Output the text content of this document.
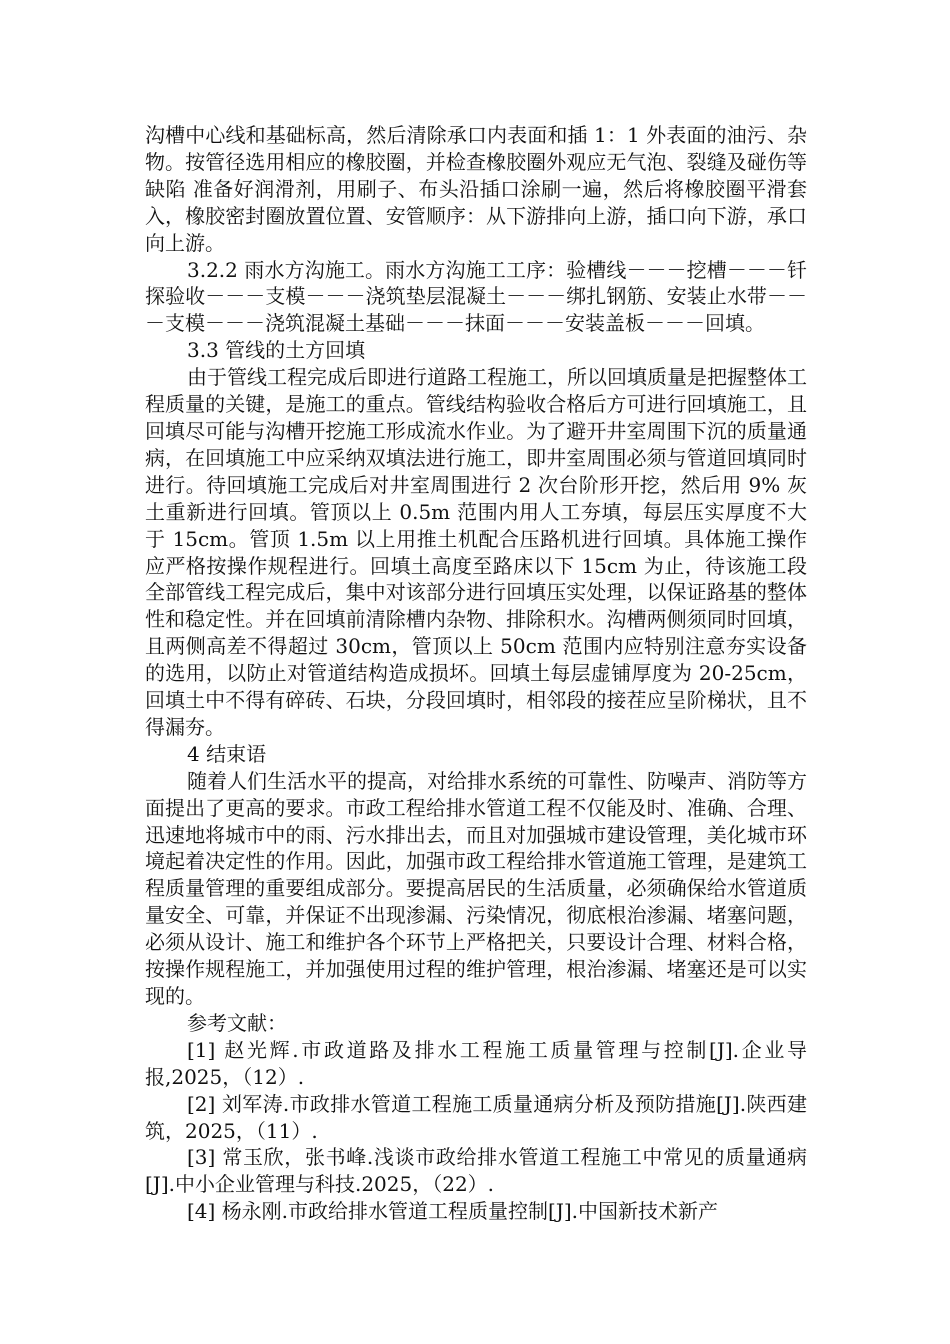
沟槽中心线和基础标高，然后清除承口内表面和插 1：1 外表面的油污、杂物。按管径选用相应的橡胶圈，并检查橡胶圈外观应无气泡、裂缝及碰伤等缺陷 准备好润滑剂，用刷子、布头沿插口涂刷一遍，然后将橡胶圈平滑套入，橡胶密封圈放置位置、安管顺序：从下游排向上游，插口向下游，承口向上游。

3.2.2 雨水方沟施工。雨水方沟施工工序：验槽线－－－挖槽－－－钎探验收－－－支模－－－浇筑垫层混凝土－－－绑扎钢筋、安装止水带－－－支模－－－浇筑混凝土基础－－－抹面－－－安装盖板－－－回填。

3.3 管线的土方回填

由于管线工程完成后即进行道路工程施工，所以回填质量是把握整体工程质量的关键，是施工的重点。管线结构验收合格后方可进行回填施工，且回填尽可能与沟槽开挖施工形成流水作业。为了避开井室周围下沉的质量通病，在回填施工中应采纳双填法进行施工，即井室周围必须与管道回填同时进行。待回填施工完成后对井室周围进行 2 次台阶形开挖，然后用 9% 灰土重新进行回填。管顶以上 0.5m 范围内用人工夯填，每层压实厚度不大于 15cm。管顶 1.5m 以上用推土机配合压路机进行回填。具体施工操作应严格按操作规程进行。回填土高度至路床以下 15cm 为止，待该施工段全部管线工程完成后，集中对该部分进行回填压实处理，以保证路基的整体性和稳定性。并在回填前清除槽内杂物、排除积水。沟槽两侧须同时回填，且两侧高差不得超过 30cm，管顶以上 50cm 范围内应特别注意夯实设备的选用，以防止对管道结构造成损坏。回填土每层虚铺厚度为 20-25cm，回填土中不得有碎砖、石块，分段回填时，相邻段的接茬应呈阶梯状，且不得漏夯。

4 结束语

随着人们生活水平的提高，对给排水系统的可靠性、防噪声、消防等方面提出了更高的要求。市政工程给排水管道工程不仅能及时、准确、合理、迅速地将城市中的雨、污水排出去，而且对加强城市建设管理，美化城市环境起着决定性的作用。因此，加强市政工程给排水管道施工管理，是建筑工程质量管理的重要组成部分。要提高居民的生活质量，必须确保给水管道质量安全、可靠，并保证不出现渗漏、污染情况，彻底根治渗漏、堵塞问题，必须从设计、施工和维护各个环节上严格把关，只要设计合理、材料合格，按操作规程施工，并加强使用过程的维护管理，根治渗漏、堵塞还是可以实现的。

参考文献：

[1] 赵光辉.市政道路及排水工程施工质量管理与控制[J].企业导报,2025，（12）.

[2] 刘军涛.市政排水管道工程施工质量通病分析及预防措施[J].陕西建筑，2025，（11）.

[3] 常玉欣，张书峰.浅谈市政给排水管道工程施工中常见的质量通病[J].中小企业管理与科技.2025，（22）.

[4] 杨永刚.市政给排水管道工程质量控制[J].中国新技术新产
